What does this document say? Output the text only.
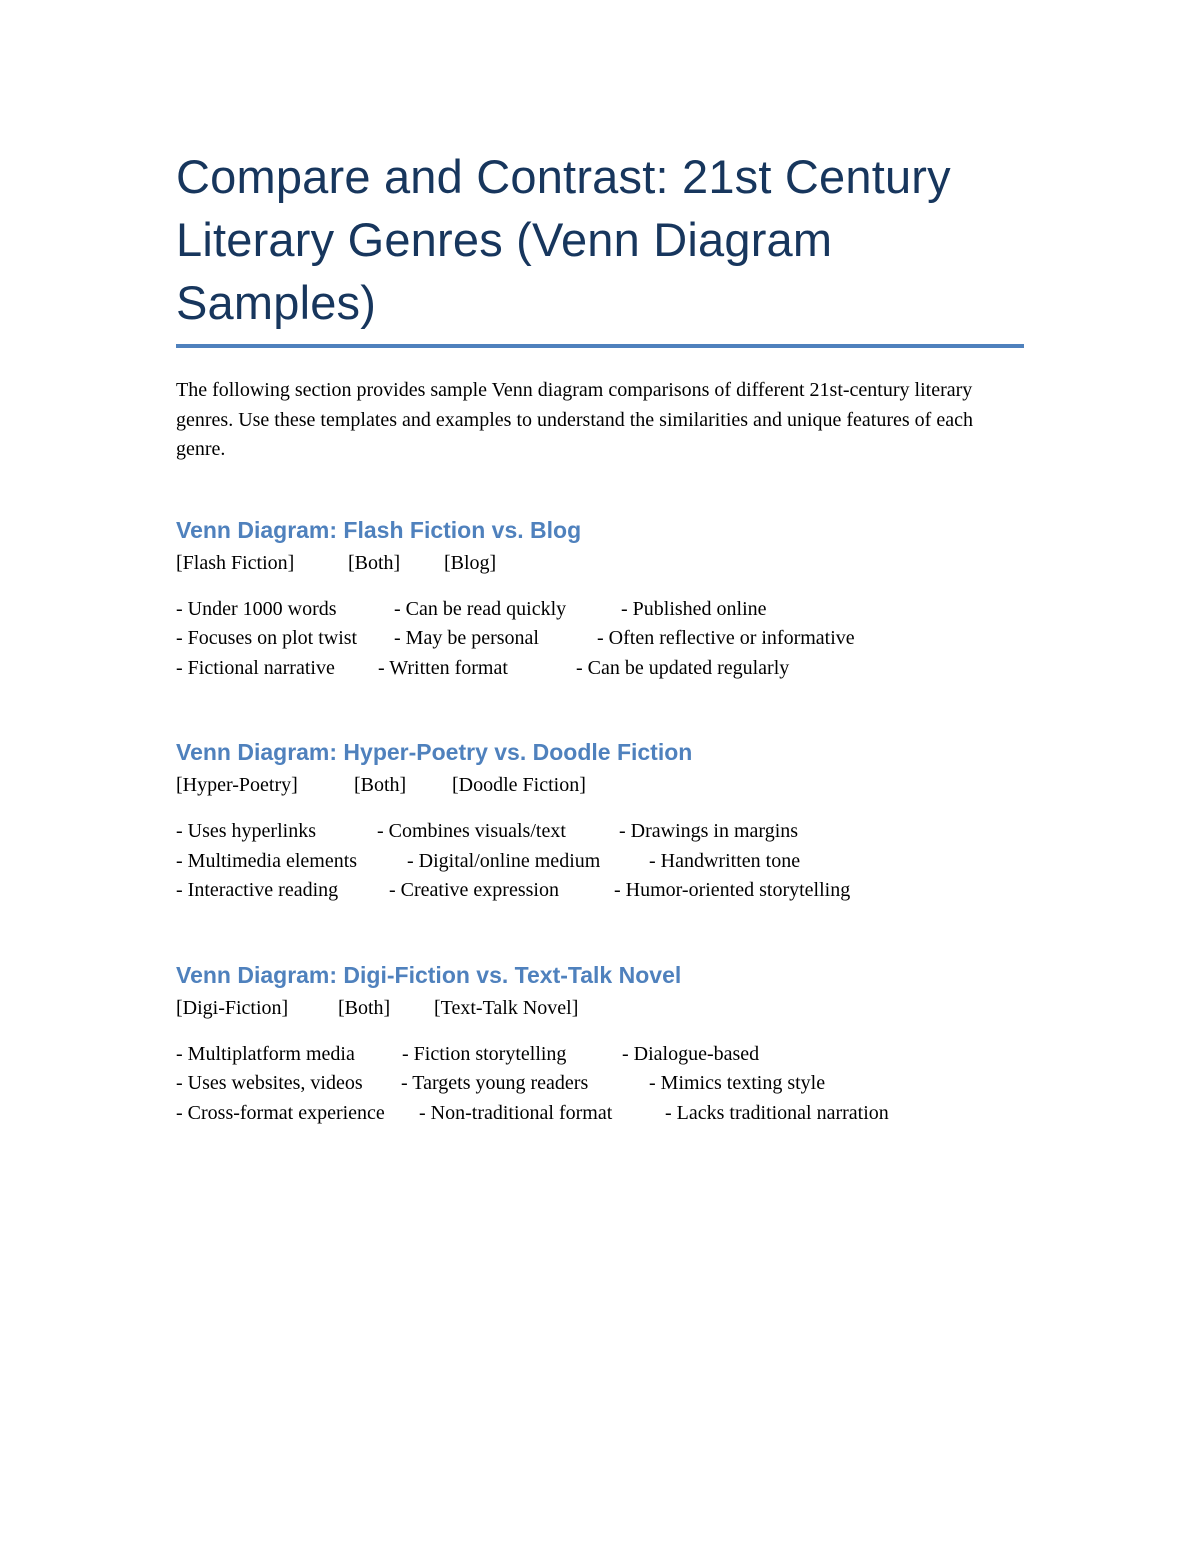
Compare and Contrast: 21st Century Literary Genres (Venn Diagram Samples)

The following section provides sample Venn diagram comparisons of different 21st-century literary genres. Use these templates and examples to understand the similarities and unique features of each genre.

Venn Diagram: Flash Fiction vs. Blog
[Flash Fiction]	[Both]	[Blog]
- Under 1000 words	- Can be read quickly	- Published online
- Focuses on plot twist	- May be personal	- Often reflective or informative
- Fictional narrative	- Written format	- Can be updated regularly
Venn Diagram: Hyper-Poetry vs. Doodle Fiction
[Hyper-Poetry]	[Both]	[Doodle Fiction]
- Uses hyperlinks	- Combines visuals/text	- Drawings in margins
- Multimedia elements	- Digital/online medium	- Handwritten tone
- Interactive reading	- Creative expression	- Humor-oriented storytelling
Venn Diagram: Digi-Fiction vs. Text-Talk Novel
[Digi-Fiction]	[Both]	[Text-Talk Novel]
- Multiplatform media	- Fiction storytelling	- Dialogue-based
- Uses websites, videos	- Targets young readers	- Mimics texting style
- Cross-format experience	- Non-traditional format	- Lacks traditional narration
